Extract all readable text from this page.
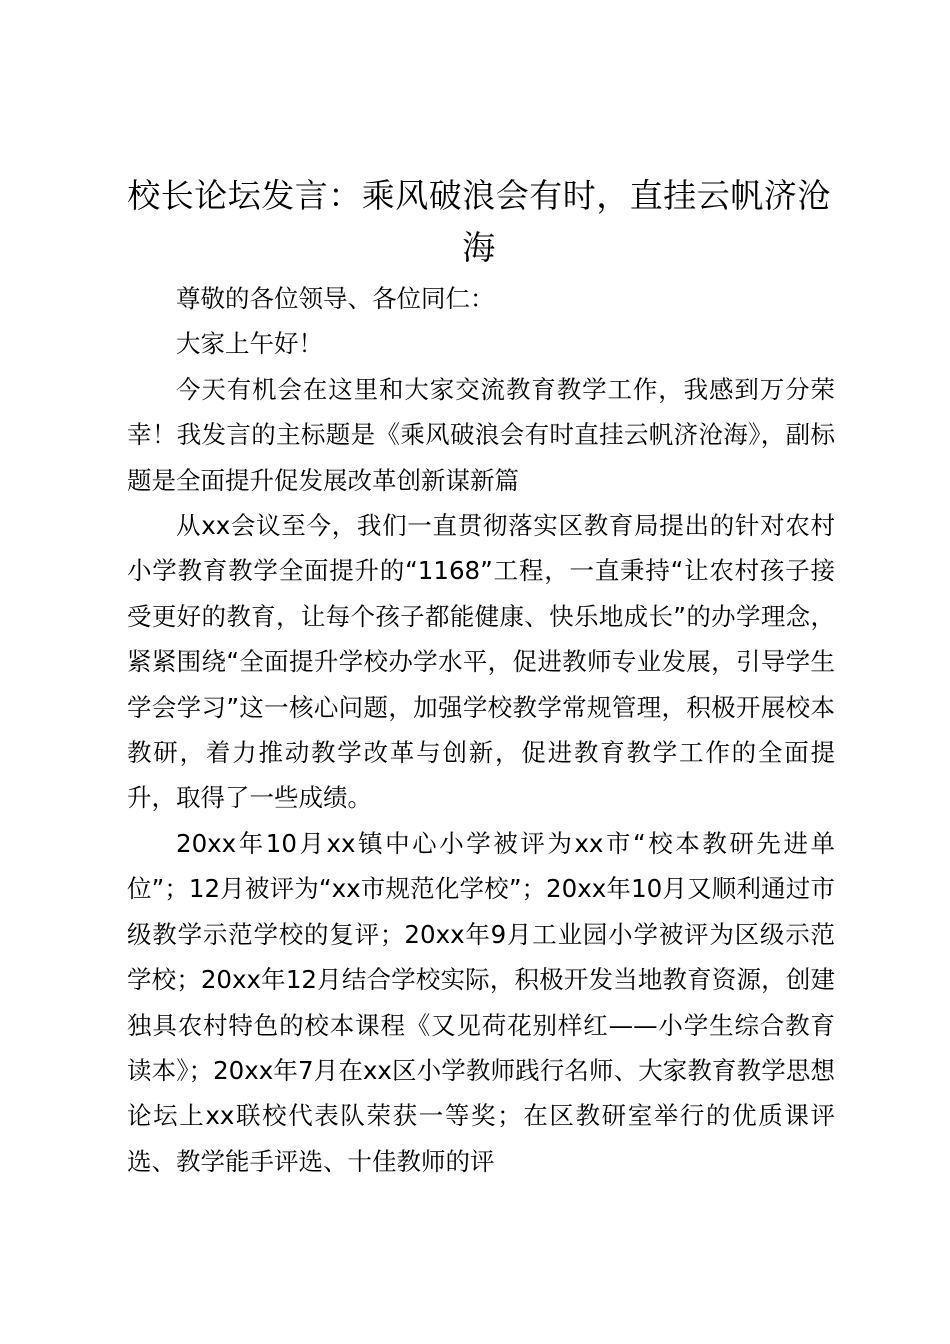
校长论坛发言：乘风破浪会有时，直挂云帆济沧海

尊敬的各位领导、各位同仁：

大家上午好！

今天有机会在这里和大家交流教育教学工作，我感到万分荣幸！我发言的主标题是《乘风破浪会有时直挂云帆济沧海》，副标题是全面提升促发展改革创新谋新篇

从xx会议至今，我们一直贯彻落实区教育局提出的针对农村小学教育教学全面提升的“1168”工程，一直秉持“让农村孩子接受更好的教育，让每个孩子都能健康、快乐地成长”的办学理念，紧紧围绕“全面提升学校办学水平，促进教师专业发展，引导学生学会学习”这一核心问题，加强学校教学常规管理，积极开展校本教研，着力推动教学改革与创新，促进教育教学工作的全面提升，取得了一些成绩。

20xx年10月xx镇中心小学被评为xx市“校本教研先进单位”；12月被评为“xx市规范化学校”；20xx年10月又顺利通过市级教学示范学校的复评；20xx年9月工业园小学被评为区级示范学校；20xx年12月结合学校实际，积极开发当地教育资源，创建独具农村特色的校本课程《又见荷花别样红——小学生综合教育读本》；20xx年7月在xx区小学教师践行名师、大家教育教学思想论坛上xx联校代表队荣获一等奖；在区教研室举行的优质课评选、教学能手评选、十佳教师的评
